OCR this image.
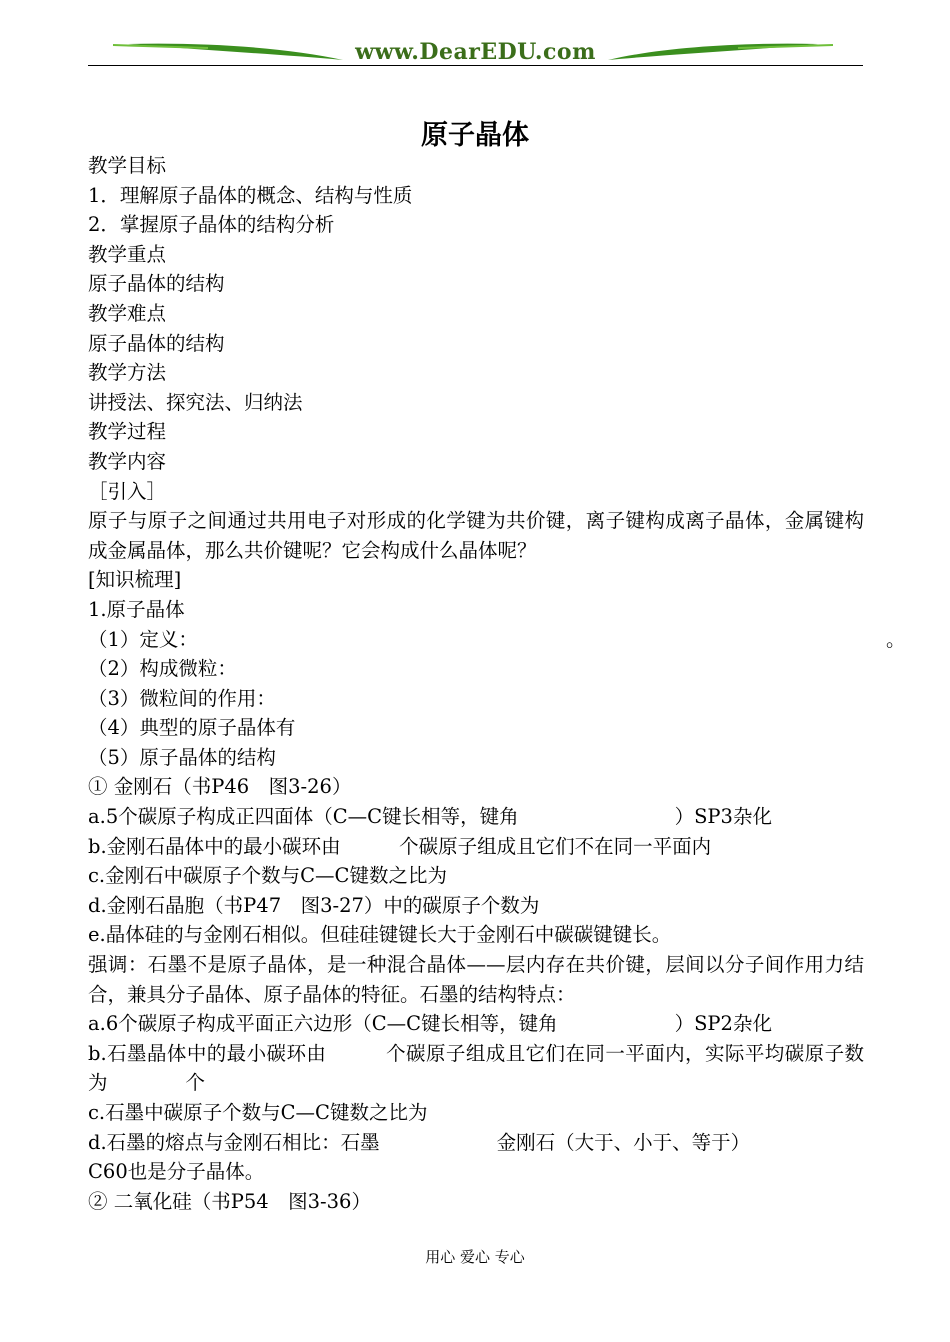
www.DearEDU.com
原子晶体

教学目标

1．理解原子晶体的概念、结构与性质

2．掌握原子晶体的结构分析

教学重点

原子晶体的结构

教学难点

原子晶体的结构

教学方法

讲授法、探究法、归纳法

教学过程

教学内容

［引入］

原子与原子之间通过共用电子对形成的化学键为共价键，离子键构成离子晶体，金属键构成金属晶体，那么共价键呢？它会构成什么晶体呢？

[知识梳理]

1.原子晶体

（1）定义：	。

（2）构成微粒：

（3）微粒间的作用：

（4）典型的原子晶体有

（5）原子晶体的结构

① 金刚石（书P46　图3-26）

a.5个碳原子构成正四面体（C—C键长相等，键角　　　　　　　　）SP3杂化

b.金刚石晶体中的最小碳环由　　　个碳原子组成且它们不在同一平面内

c.金刚石中碳原子个数与C—C键数之比为

d.金刚石晶胞（书P47　图3-27）中的碳原子个数为

e.晶体硅的与金刚石相似。但硅硅键键长大于金刚石中碳碳键键长。

强调：石墨不是原子晶体，是一种混合晶体——层内存在共价键，层间以分子间作用力结合，兼具分子晶体、原子晶体的特征。石墨的结构特点：

a.6个碳原子构成平面正六边形（C—C键长相等，键角　　　　　　）SP2杂化

b.石墨晶体中的最小碳环由　　　个碳原子组成且它们在同一平面内，实际平均碳原子数为　　　　个

c.石墨中碳原子个数与C—C键数之比为

d.石墨的熔点与金刚石相比：石墨　　　　　　金刚石（大于、小于、等于）

C60也是分子晶体。

② 二氧化硅（书P54　图3-36）

用心 爱心 专心
